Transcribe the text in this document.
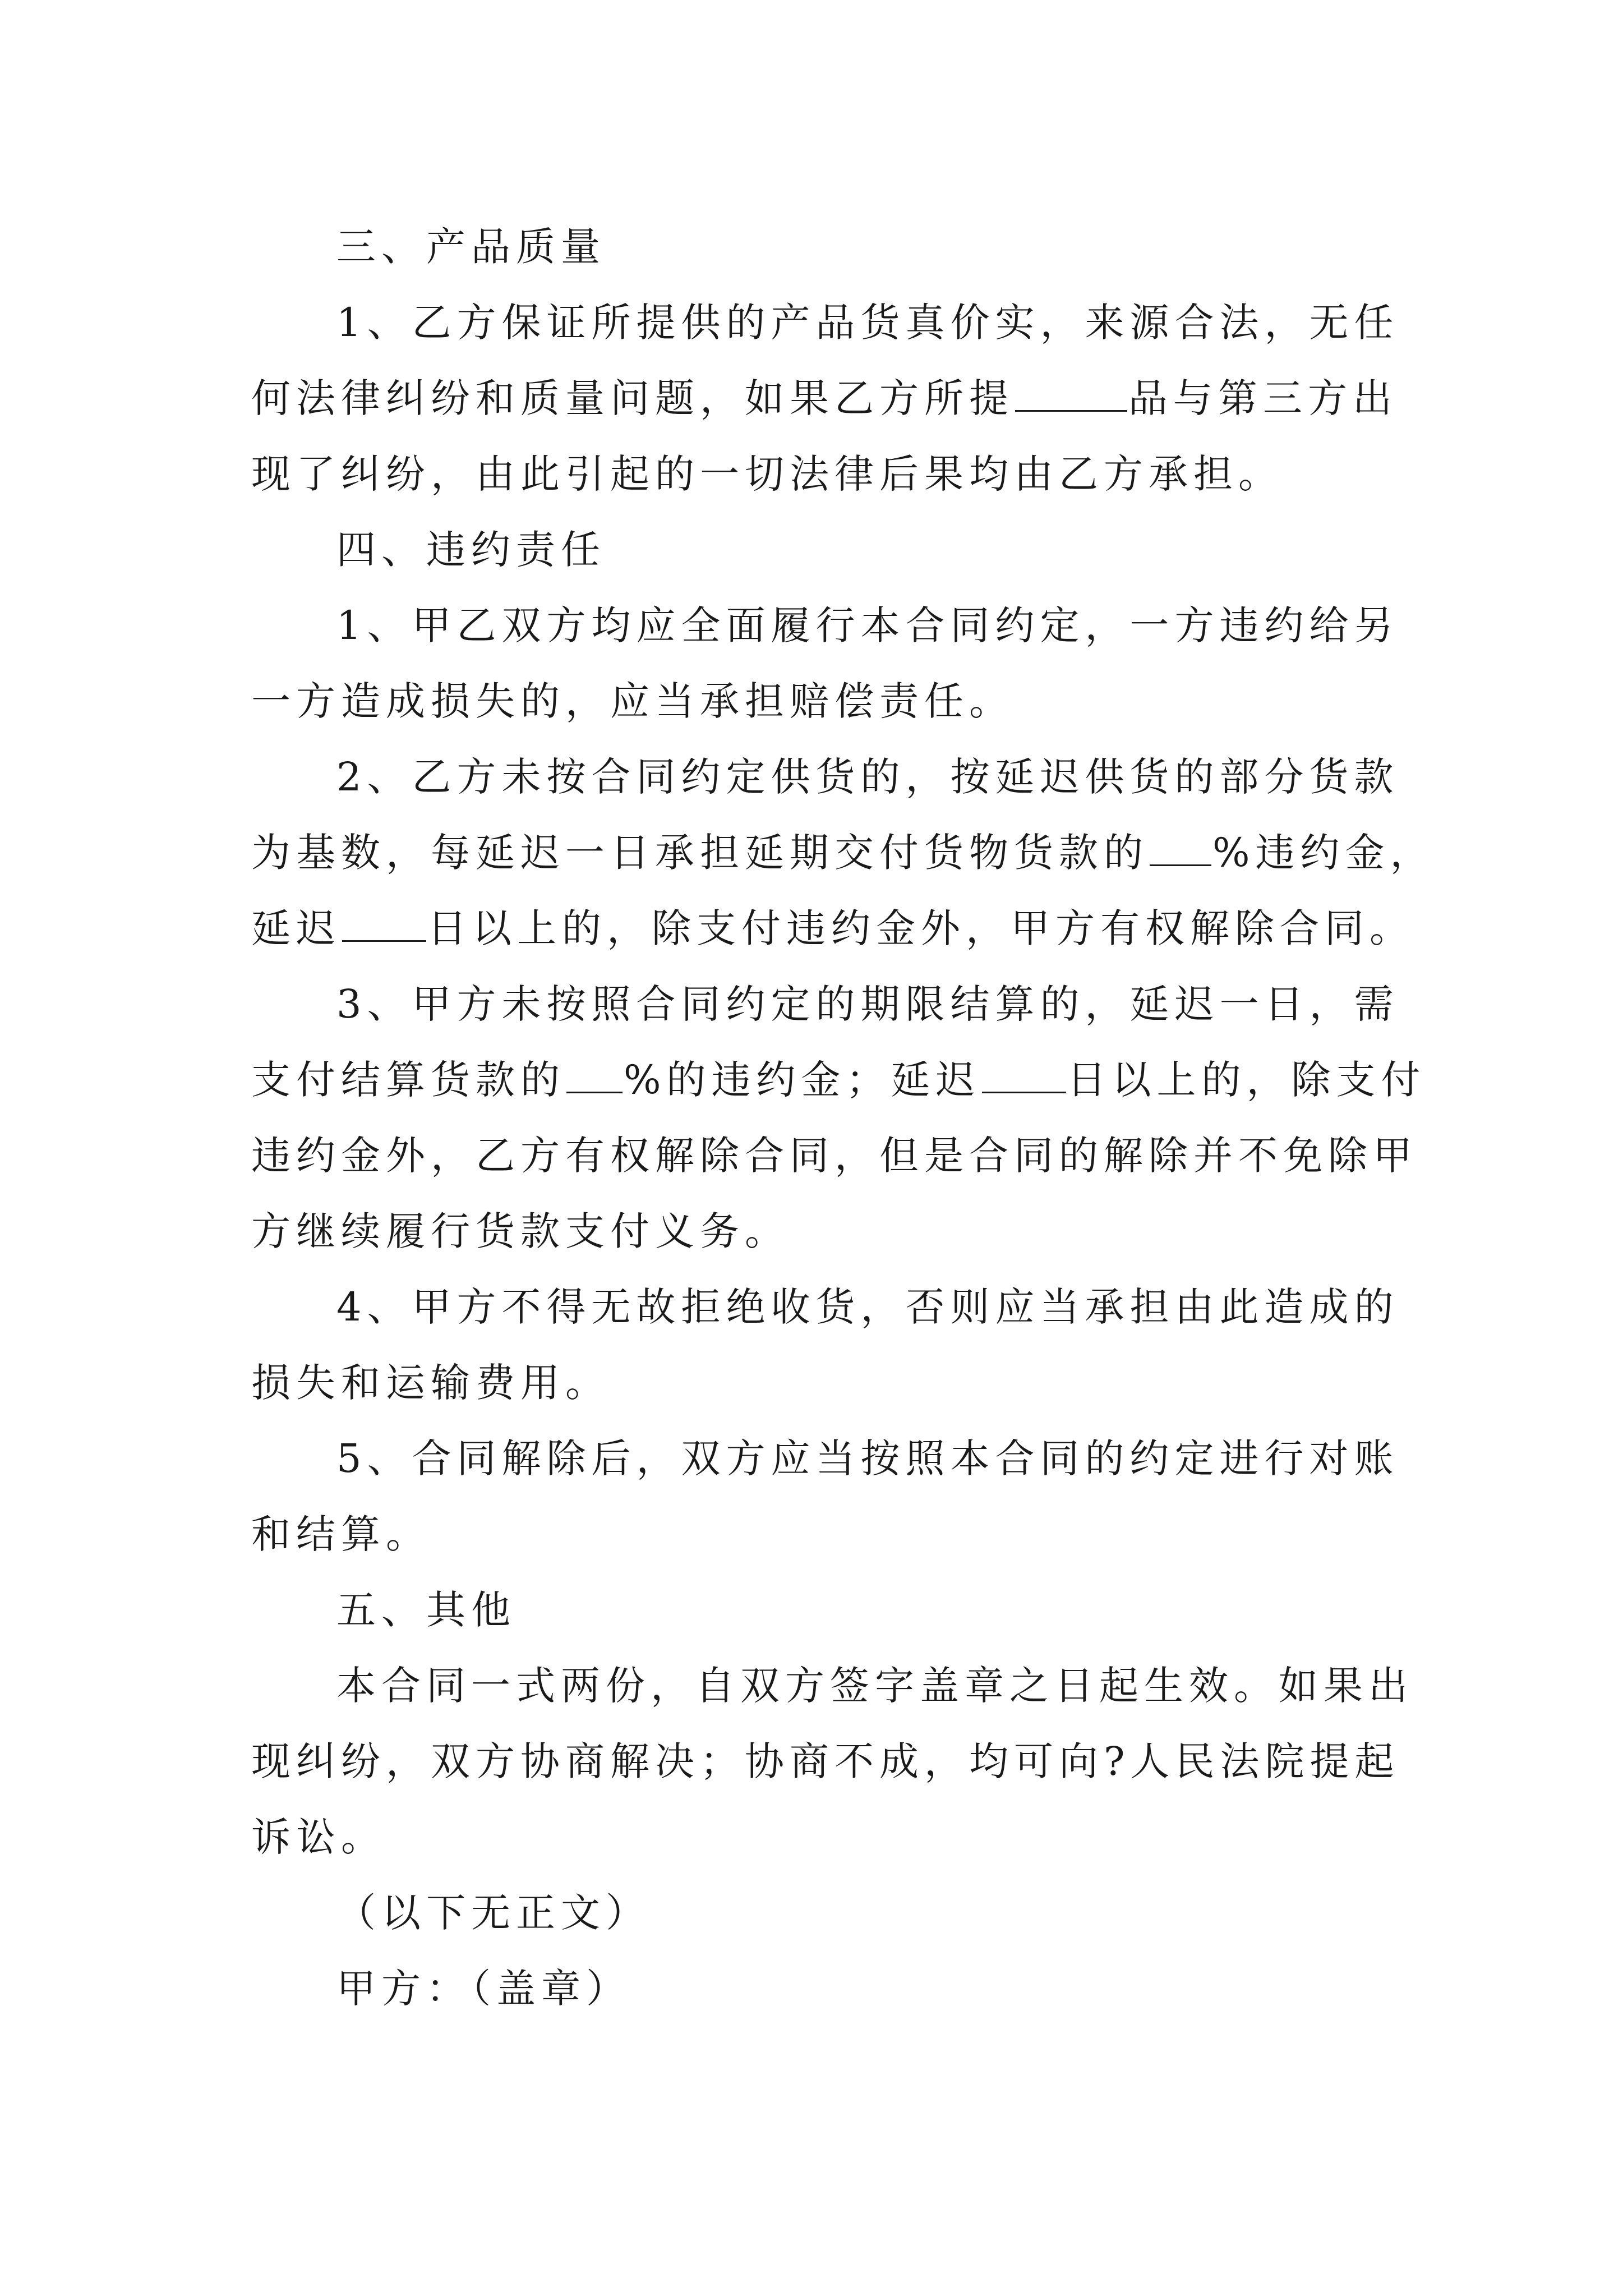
三、产品质量
1、乙方保证所提供的产品货真价实，来源合法，无任
何法律纠纷和质量问题，如果乙方所提	品与第三方出
现了纠纷，由此引起的一切法律后果均由乙方承担。
四、违约责任
1、甲乙双方均应全面履行本合同约定，一方违约给另
一方造成损失的，应当承担赔偿责任。
2、乙方未按合同约定供货的，按延迟供货的部分货款
为基数，每延迟一日承担延期交付货物货款的 %违约金，
延迟 日以上的，除支付违约金外，甲方有权解除合同。
3、甲方未按照合同约定的期限结算的，延迟一日，需
支付结算货款的 %的违约金；延迟 日以上的，除支付
违约金外，乙方有权解除合同，但是合同的解除并不免除甲
方继续履行货款支付义务。
4、甲方不得无故拒绝收货，否则应当承担由此造成的
损失和运输费用。
5、合同解除后，双方应当按照本合同的约定进行对账
和结算。
五、其他
本合同一式两份，自双方签字盖章之日起生效。如果出
现纠纷，双方协商解决；协商不成，均可向?人民法院提起
诉讼。
（以下无正文）
甲方：（盖章）
